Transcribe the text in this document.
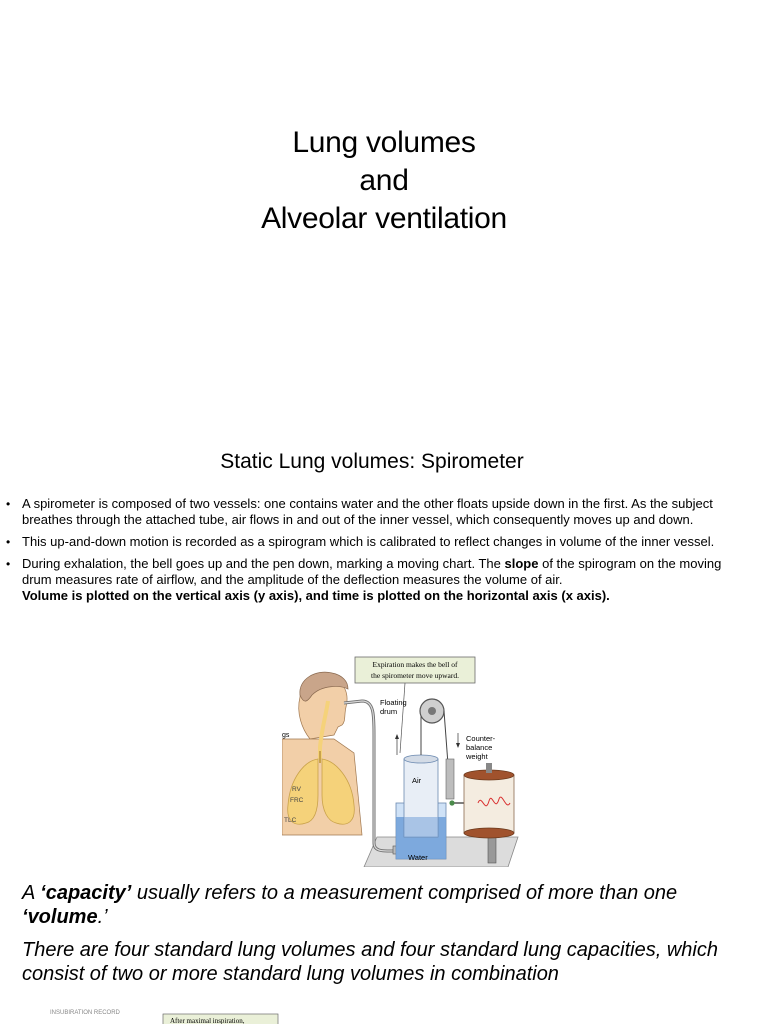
Lung volumes
and
Alveolar ventilation
Static Lung volumes: Spirometer
• A spirometer is composed of two vessels: one contains water and the other floats upside down in the first. As the subject breathes through the attached tube, air flows in and out of the inner vessel, which consequently moves up and down.
• This up-and-down motion is recorded as a spirogram which is calibrated to reflect changes in volume of the inner vessel.
• During exhalation, the bell goes up and the pen down, marking a moving chart. The slope of the spirogram on the moving drum measures rate of airflow, and the amplitude of the deflection measures the volume of air.
Volume is plotted on the vertical axis (y axis), and time is plotted on the horizontal axis (x axis).
Expiration makes the bell of
the spirometer move upward.
gs
RV
FRC
TLC
Air
Water
Floating
drum
Counter-
balance
weight
A ‘capacity’ usually refers to a measurement comprised of more than one ‘volume.’
There are four standard lung volumes and four standard lung capacities, which consist of two or more standard lung volumes in combination
INSUBIRATION RECORD
After maximal inspiration,
